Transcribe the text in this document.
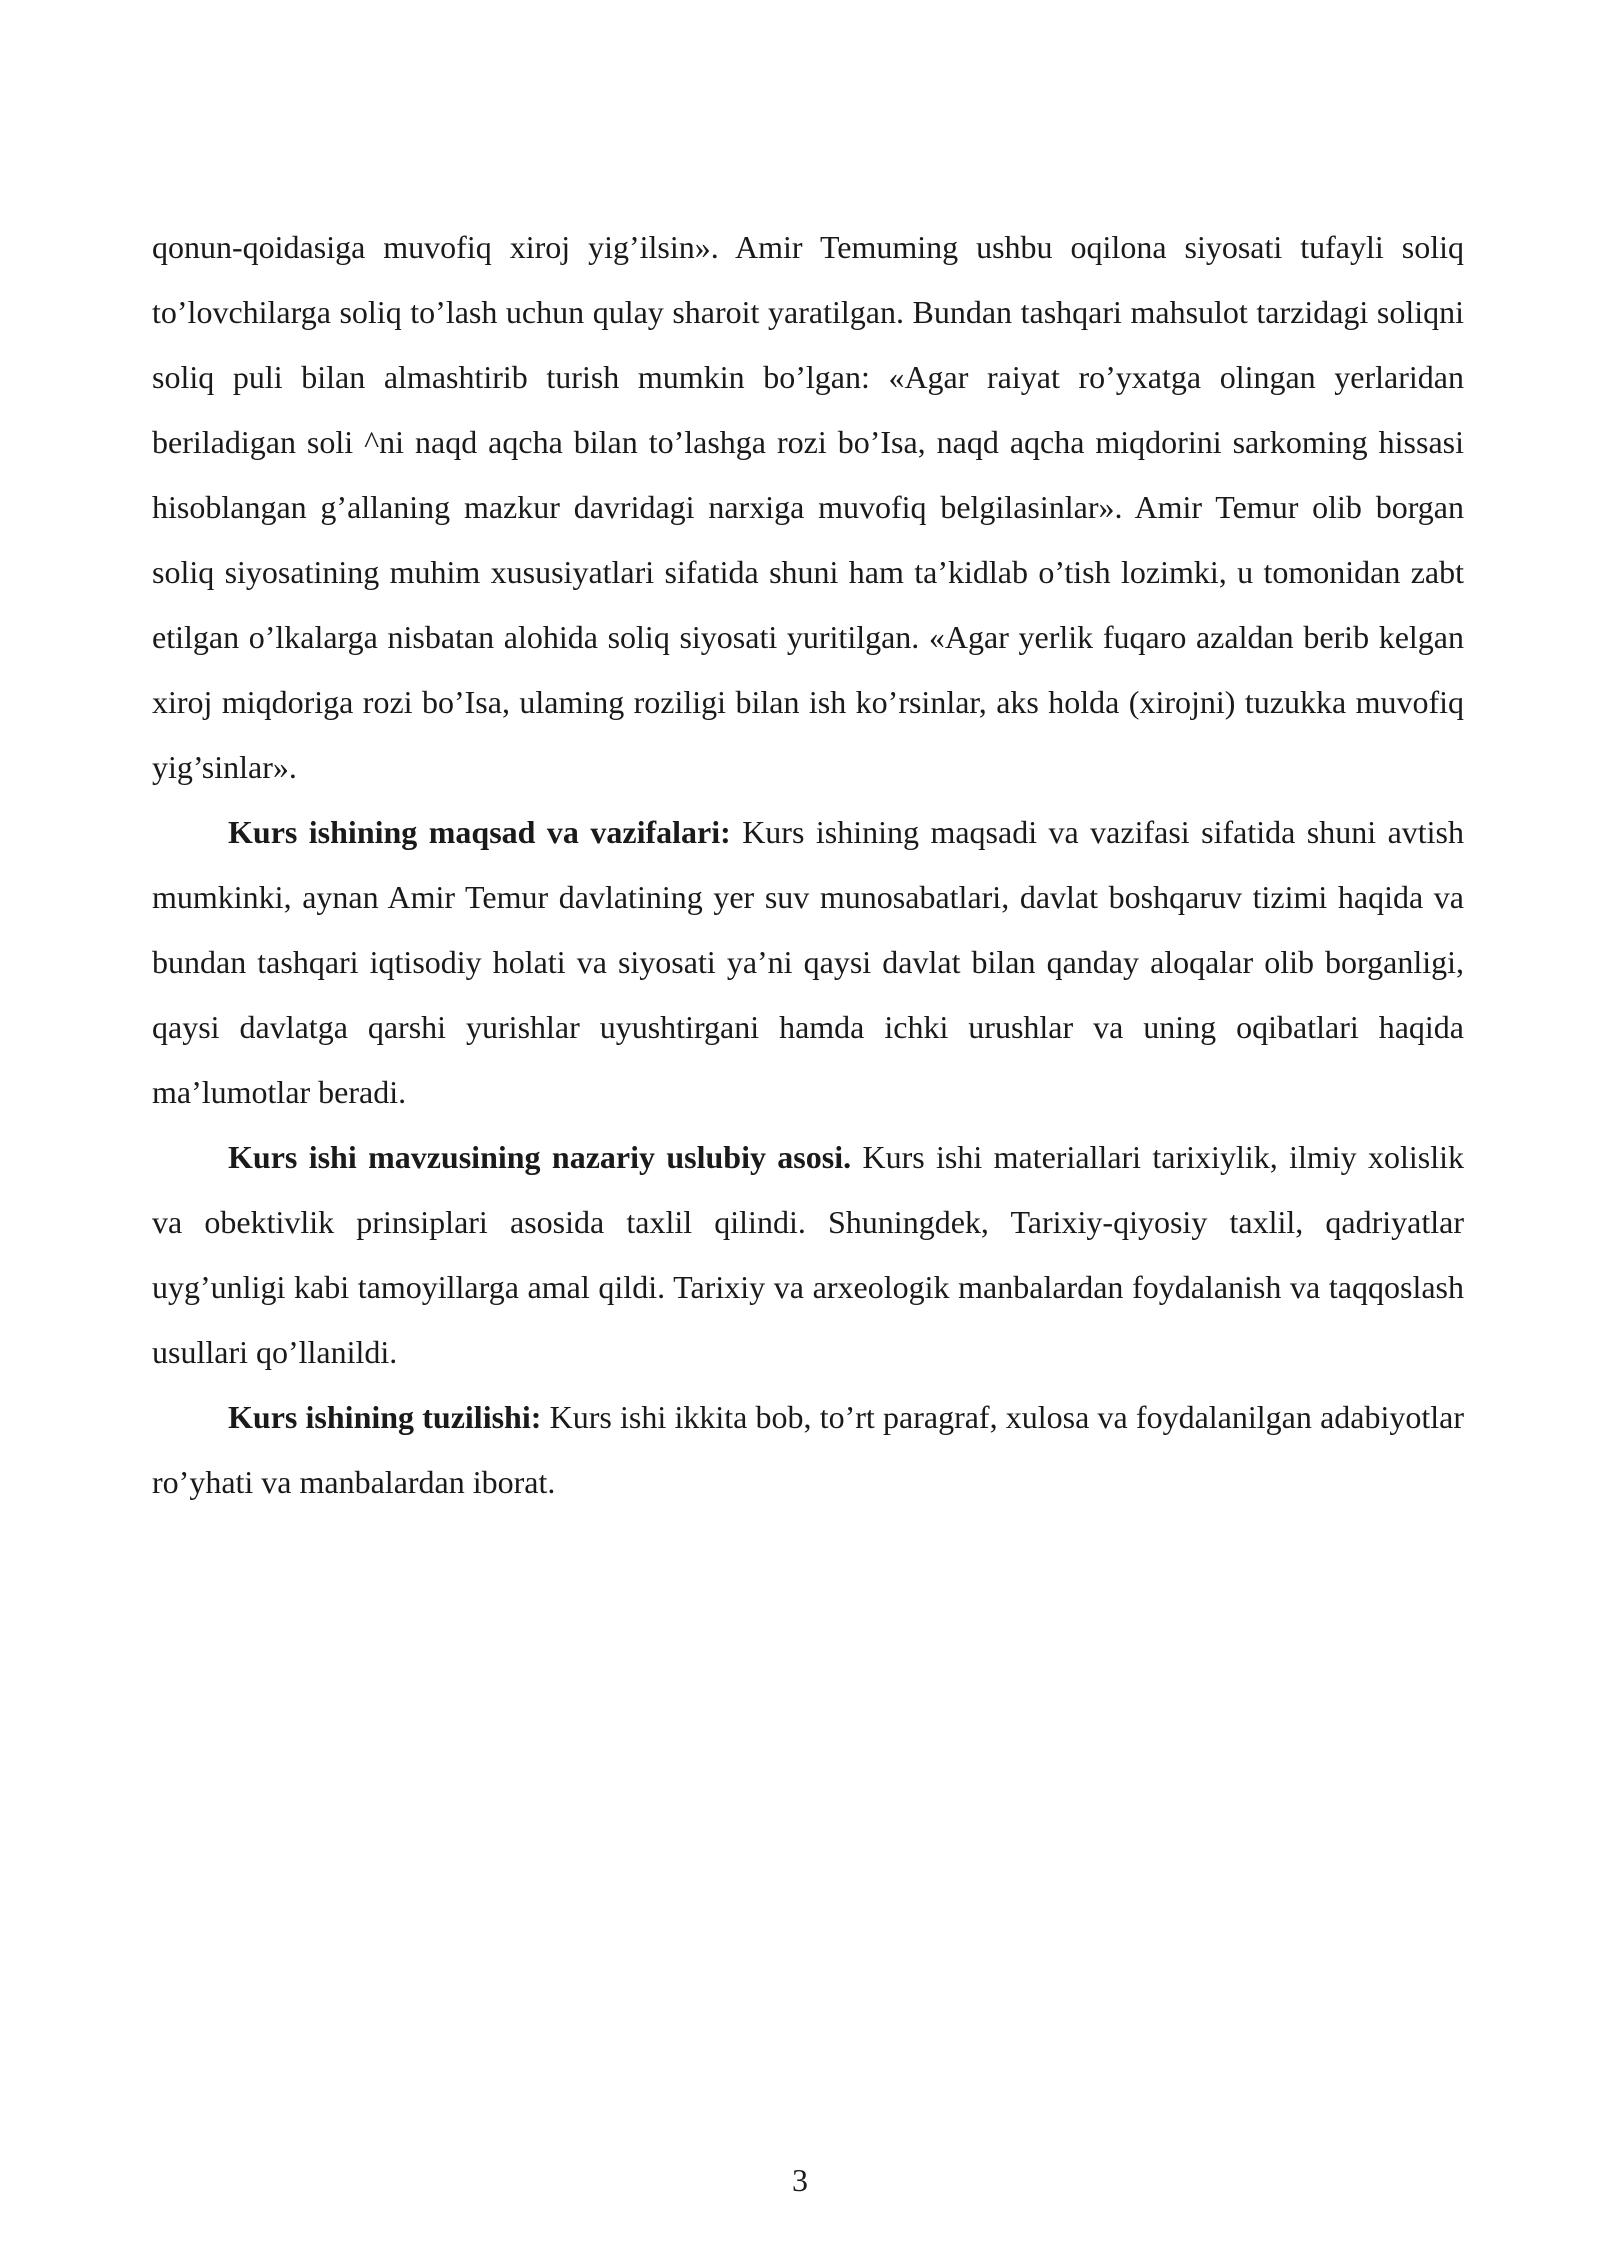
qonun-qoidasiga muvofiq xiroj yig’ilsin». Amir Temuming ushbu oqilona siyosati tufayli soliq to’lovchilarga soliq to’lash uchun qulay sharoit yaratilgan. Bundan tashqari mahsulot tarzidagi soliqni soliq puli bilan almashtirib turish mumkin bo’lgan: «Agar raiyat ro’yxatga olingan yerlaridan beriladigan soli ^ni naqd aqcha bilan to’lashga rozi bo’Isa, naqd aqcha miqdorini sarkoming hissasi hisoblangan g’allaning mazkur davridagi narxiga muvofiq belgilasinlar». Amir Temur olib borgan soliq siyosatining muhim xususiyatlari sifatida shuni ham ta’kidlab o’tish lozimki, u tomonidan zabt etilgan o’lkalarga nisbatan alohida soliq siyosati yuritilgan. «Agar yerlik fuqaro azaldan berib kelgan xiroj miqdoriga rozi bo’Isa, ulaming roziligi bilan ish ko’rsinlar, aks holda (xirojni) tuzukka muvofiq yig’sinlar».

Kurs ishining maqsad va vazifalari: Kurs ishining maqsadi va vazifasi sifatida shuni avtish mumkinki, aynan Amir Temur davlatining yer suv munosabatlari, davlat boshqaruv tizimi haqida va bundan tashqari iqtisodiy holati va siyosati ya’ni qaysi davlat bilan qanday aloqalar olib borganligi, qaysi davlatga qarshi yurishlar uyushtirgani hamda ichki urushlar va uning oqibatlari haqida ma’lumotlar beradi.

Kurs ishi mavzusining nazariy uslubiy asosi. Kurs ishi materiallari tarixiylik, ilmiy xolislik va obektivlik prinsiplari asosida taxlil qilindi. Shuningdek, Tarixiy-qiyosiy taxlil, qadriyatlar uyg’unligi kabi tamoyillarga amal qildi. Tarixiy va arxeologik manbalardan foydalanish va taqqoslash usullari qo’llanildi.

Kurs ishining tuzilishi: Kurs ishi ikkita bob, to’rt paragraf, xulosa va foydalanilgan adabiyotlar ro’yhati va manbalardan iborat.

3
